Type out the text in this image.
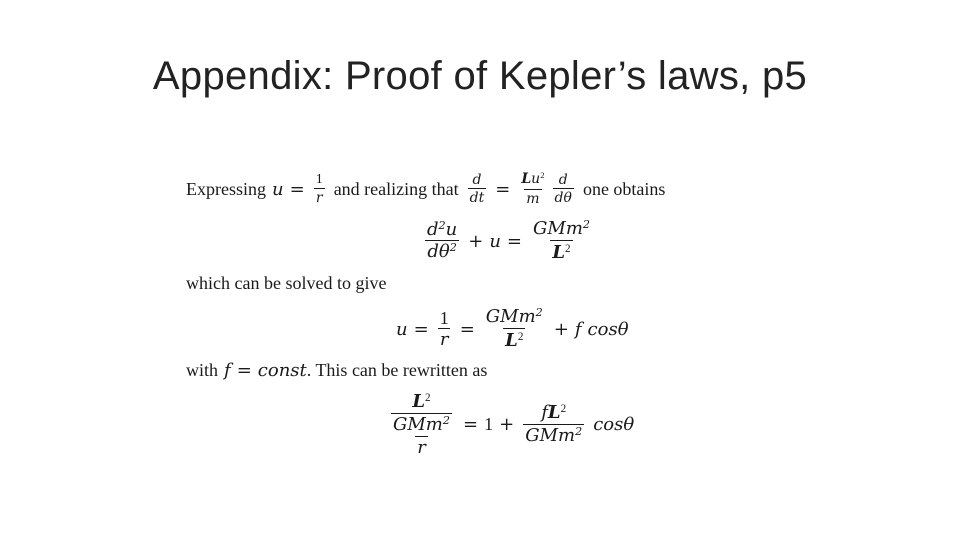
Appendix: Proof of Kepler’s laws, p5
Expressing $u = \frac{1}{r}$ and realizing that $\frac{d}{dt} = \frac{Lu^2}{m} \frac{d}{d\theta}$ one obtains
$\frac{d^2u}{d\theta^2} + u = \frac{GMm^2}{L^2}$
which can be solved to give
$u = \frac{1}{r} = \frac{GMm^2}{L^2} + f$ cosθ
with f = const . This can be rewritten as
$\frac{\frac{L^2}{GMm^2}}{r} = 1 + \frac{fL^2}{GMm^2}$ cosθ
